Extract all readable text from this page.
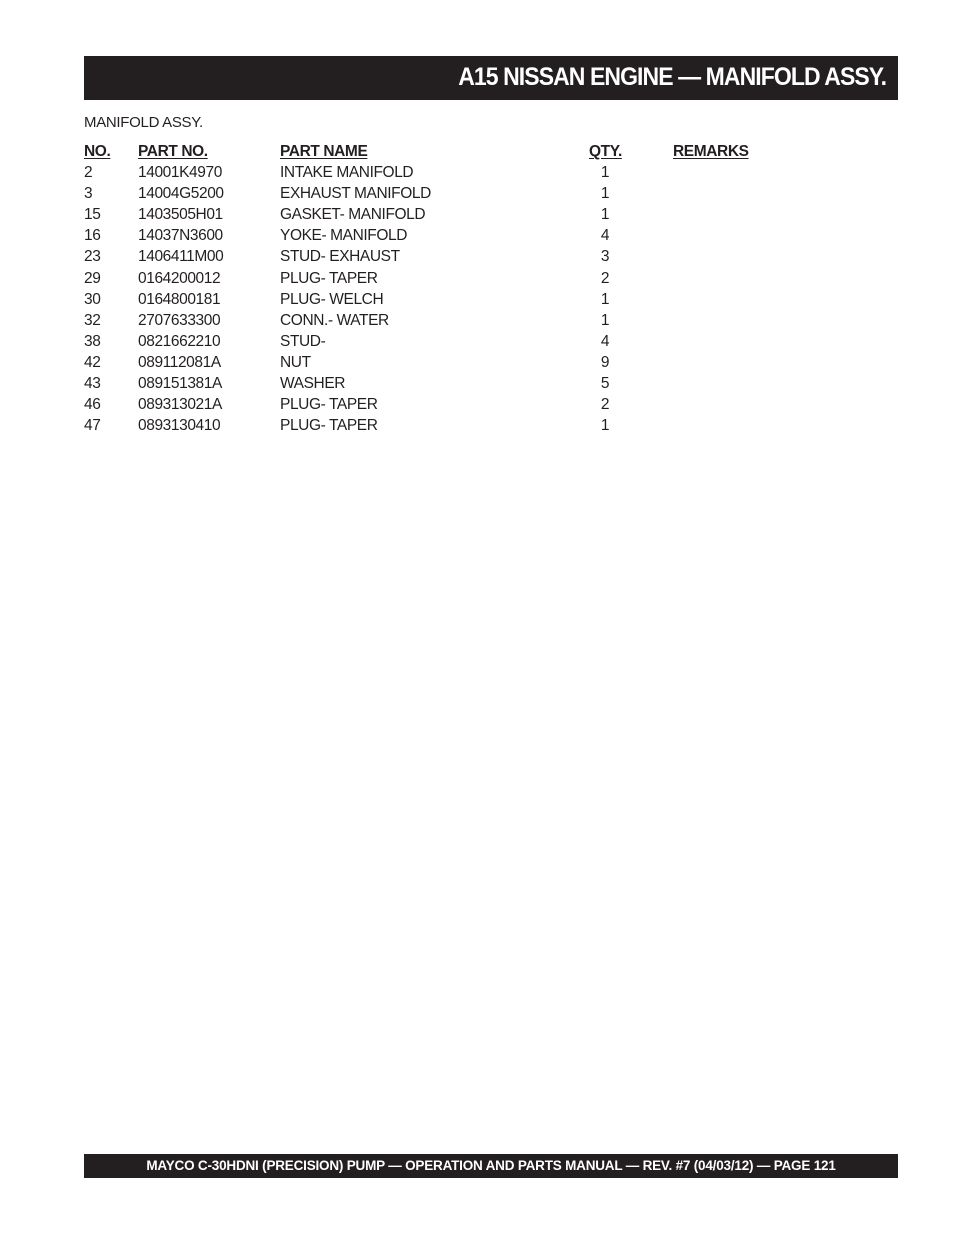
A15 NISSAN ENGINE — MANIFOLD ASSY.
MANIFOLD ASSY.
NO. PART NO.	PART NAME	QTY.	REMARKS
2	14001K4970	INTAKE MANIFOLD	1
3	14004G5200	EXHAUST MANIFOLD	1
15 1403505H01	GASKET- MANIFOLD	1
16 14037N3600	YOKE- MANIFOLD	4
23 1406411M00	STUD- EXHAUST	3
29 0164200012	PLUG- TAPER	2
30 0164800181	PLUG- WELCH	1
32 2707633300	CONN.- WATER	1
38 0821662210	STUD-	4
42 089112081A	NUT	9
43 089151381A	WASHER	5
46 089313021A	PLUG- TAPER	2
47 0893130410	PLUG- TAPER	1
MAYCO C-30HDNI (PRECISION) PUMP — OPERATION AND PARTS MANUAL — REV. #7 (04/03/12) — PAGE 121
